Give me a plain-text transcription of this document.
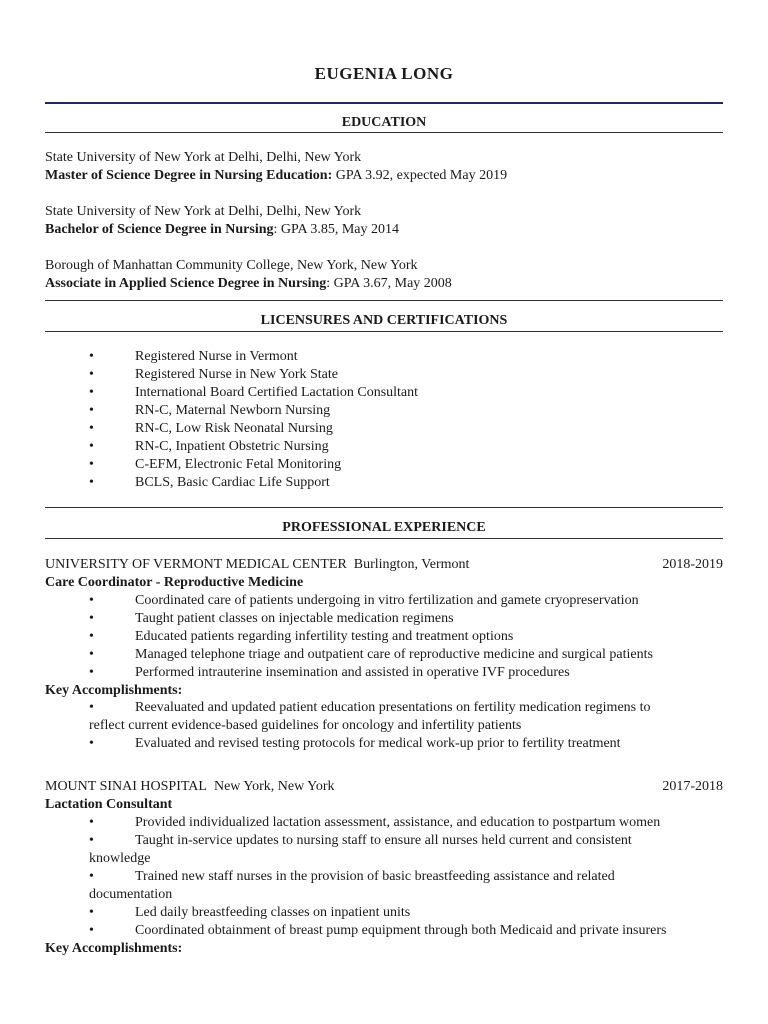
EUGENIA LONG
EDUCATION
State University of New York at Delhi, Delhi, New York
Master of Science Degree in Nursing Education: GPA 3.92, expected May 2019
State University of New York at Delhi, Delhi, New York
Bachelor of Science Degree in Nursing: GPA 3.85, May 2014
Borough of Manhattan Community College, New York, New York
Associate in Applied Science Degree in Nursing: GPA 3.67, May 2008
LICENSURES AND CERTIFICATIONS
•	Registered Nurse in Vermont
•	Registered Nurse in New York State
•	International Board Certified Lactation Consultant
•	RN-C, Maternal Newborn Nursing
•	RN-C, Low Risk Neonatal Nursing
•	RN-C, Inpatient Obstetric Nursing
•	C-EFM, Electronic Fetal Monitoring
•	BCLS, Basic Cardiac Life Support
PROFESSIONAL EXPERIENCE
UNIVERSITY OF VERMONT MEDICAL CENTER Burlington, Vermont	2018-2019
Care Coordinator - Reproductive Medicine
•	Coordinated care of patients undergoing in vitro fertilization and gamete cryopreservation
•	Taught patient classes on injectable medication regimens
•	Educated patients regarding infertility testing and treatment options
•	Managed telephone triage and outpatient care of reproductive medicine and surgical patients
•	Performed intrauterine insemination and assisted in operative IVF procedures
Key Accomplishments:
•	Reevaluated and updated patient education presentations on fertility medication regimens to
reflect current evidence-based guidelines for oncology and infertility patients
•	Evaluated and revised testing protocols for medical work-up prior to fertility treatment
MOUNT SINAI HOSPITAL New York, New York	2017-2018
Lactation Consultant
•	Provided individualized lactation assessment, assistance, and education to postpartum women
•	Taught in-service updates to nursing staff to ensure all nurses held current and consistent
knowledge
•	Trained new staff nurses in the provision of basic breastfeeding assistance and related
documentation
•	Led daily breastfeeding classes on inpatient units
•	Coordinated obtainment of breast pump equipment through both Medicaid and private insurers
Key Accomplishments:
